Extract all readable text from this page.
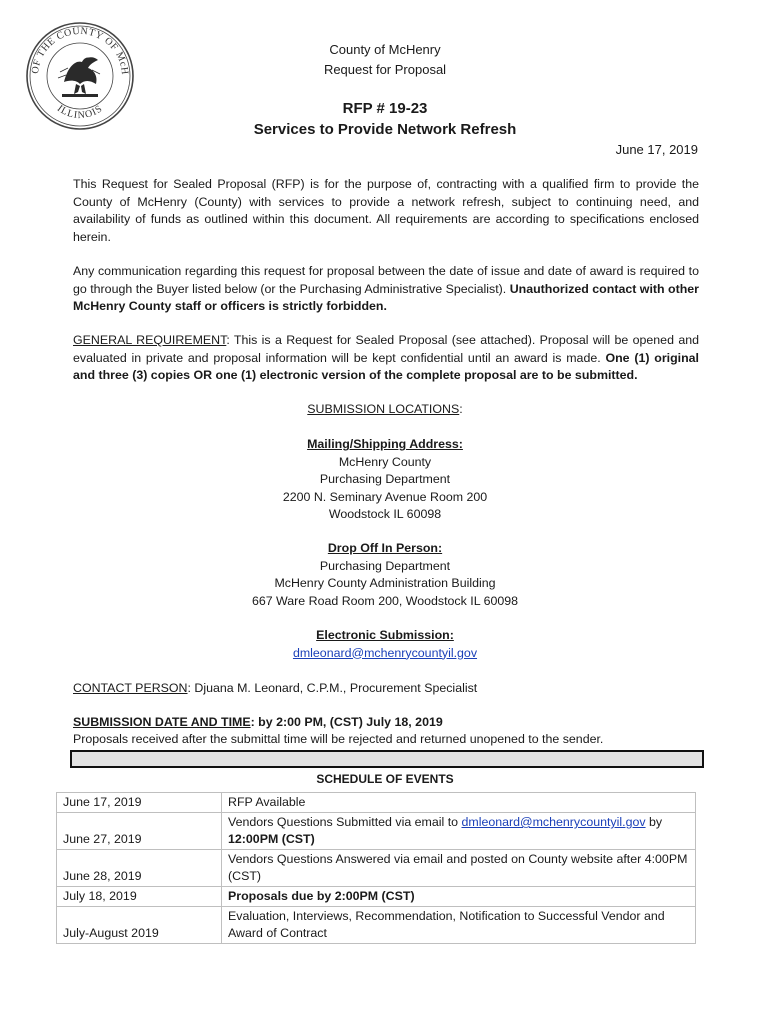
OF THE COUNTY OF McH
ILLINOIS
County of McHenry
Request for Proposal
RFP # 19-23
Services to Provide Network Refresh
June 17, 2019
This Request for Sealed Proposal (RFP) is for the purpose of, contracting with a qualified firm to provide the County of McHenry (County) with services to provide a network refresh, subject to continuing need, and availability of funds as outlined within this document. All requirements are according to specifications enclosed herein.
Any communication regarding this request for proposal between the date of issue and date of award is required to go through the Buyer listed below (or the Purchasing Administrative Specialist). Unauthorized contact with other McHenry County staff or officers is strictly forbidden.
GENERAL REQUIREMENT: This is a Request for Sealed Proposal (see attached). Proposal will be opened and evaluated in private and proposal information will be kept confidential until an award is made. One (1) original and three (3) copies OR one (1) electronic version of the complete proposal are to be submitted.
SUBMISSION LOCATIONS:
Mailing/Shipping Address:
McHenry County
Purchasing Department
2200 N. Seminary Avenue Room 200
Woodstock IL 60098
Drop Off In Person:
Purchasing Department
McHenry County Administration Building
667 Ware Road Room 200, Woodstock IL 60098
Electronic Submission:
dmleonard@mchenrycountyil.gov
CONTACT PERSON: Djuana M. Leonard, C.P.M., Procurement Specialist
SUBMISSION DATE AND TIME: by 2:00 PM, (CST) July 18, 2019
Proposals received after the submittal time will be rejected and returned unopened to the sender.
SCHEDULE OF EVENTS
June 17, 2019	RFP Available
June 27, 2019	Vendors Questions Submitted via email to dmleonard@mchenrycountyil.gov by
12:00PM (CST)
June 28, 2019	Vendors Questions Answered via email and posted on County website after 4:00PM (CST)
July 18, 2019	Proposals due by 2:00PM (CST)
July-August 2019	Evaluation, Interviews, Recommendation, Notification to Successful Vendor and Award of Contract
